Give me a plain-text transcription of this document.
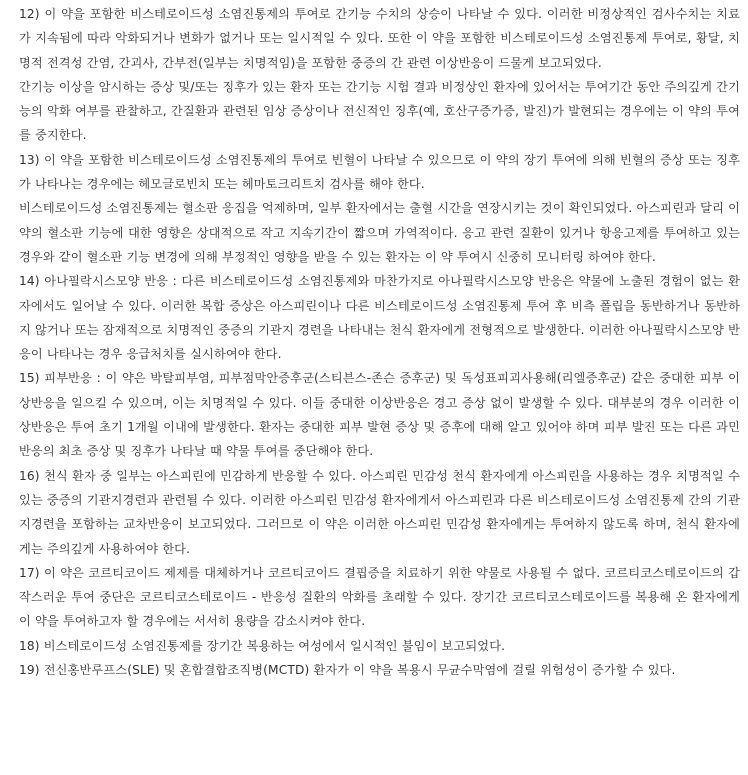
12) 이 약을 포함한 비스테로이드성 소염진통제의 투여로 간기능 수치의 상승이 나타날 수 있다. 이러한 비정상적인 검사수치는 치료가 지속됨에 따라 악화되거나 변화가 없거나 또는 일시적일 수 있다. 또한 이 약을 포함한 비스테로이드성 소염진통제 투여로, 황달, 치명적 전격성 간염, 간괴사, 간부전(일부는 치명적임)을 포함한 중증의 간 관련 이상반응이 드물게 보고되었다.

간기능 이상을 암시하는 증상 및/또는 징후가 있는 환자 또는 간기능 시험 결과 비정상인 환자에 있어서는 투여기간 동안 주의깊게 간기능의 악화 여부를 관찰하고, 간질환과 관련된 임상 증상이나 전신적인 징후(예, 호산구증가증, 발진)가 발현되는 경우에는 이 약의 투여를 중지한다.

13) 이 약을 포함한 비스테로이드성 소염진통제의 투여로 빈혈이 나타날 수 있으므로 이 약의 장기 투여에 의해 빈혈의 증상 또는 징후가 나타나는 경우에는 헤모글로빈치 또는 헤마토크리트치 검사를 해야 한다.

비스테로이드성 소염진통제는 혈소판 응집을 억제하며, 일부 환자에서는 출혈 시간을 연장시키는 것이 확인되었다. 아스피린과 달리 이 약의 혈소판 기능에 대한 영향은 상대적으로 작고 지속기간이 짧으며 가역적이다. 응고 관련 질환이 있거나 항응고제를 투여하고 있는 경우와 같이 혈소판 기능 변경에 의해 부정적인 영향을 받을 수 있는 환자는 이 약 투여시 신중히 모니터링 하여야 한다.

14) 아나필락시스모양 반응 : 다른 비스테로이드성 소염진통제와 마찬가지로 아나필락시스모양 반응은 약물에 노출된 경험이 없는 환자에서도 일어날 수 있다. 이러한 복합 증상은 아스피린이나 다른 비스테로이드성 소염진통제 투여 후 비측 폴립을 동반하거나 동반하지 않거나 또는 잠재적으로 치명적인 중증의 기관지 경련을 나타내는 천식 환자에게 전형적으로 발생한다. 이러한 아나필락시스모양 반응이 나타나는 경우 응급처치를 실시하여야 한다.

15) 피부반응 : 이 약은 박탈피부염, 피부점막안증후군(스티븐스-존슨 증후군) 및 독성표피괴사용해(리엘증후군) 같은 중대한 피부 이상반응을 일으킬 수 있으며, 이는 치명적일 수 있다. 이들 중대한 이상반응은 경고 증상 없이 발생할 수 있다. 대부분의 경우 이러한 이상반응은 투여 초기 1개월 이내에 발생한다. 환자는 중대한 피부 발현 증상 및 증후에 대해 알고 있어야 하며 피부 발진 또는 다른 과민반응의 최초 증상 및 징후가 나타날 때 약물 투여를 중단해야 한다.

16) 천식 환자 중 일부는 아스피린에 민감하게 반응할 수 있다. 아스피린 민감성 천식 환자에게 아스피린을 사용하는 경우 치명적일 수 있는 중증의 기관지경련과 관련될 수 있다. 이러한 아스피린 민감성 환자에게서 아스피린과 다른 비스테로이드성 소염진통제 간의 기관지경련을 포함하는 교차반응이 보고되었다. 그러므로 이 약은 이러한 아스피린 민감성 환자에게는 투여하지 않도록 하며, 천식 환자에게는 주의깊게 사용하여야 한다.

17) 이 약은 코르티코이드 제제를 대체하거나 코르티코이드 결핍증을 치료하기 위한 약물로 사용될 수 없다. 코르티코스테로이드의 갑작스러운 투여 중단은 코르티코스테로이드 - 반응성 질환의 악화를 초래할 수 있다. 장기간 코르티코스테로이드를 복용해 온 환자에게 이 약을 투여하고자 할 경우에는 서서히 용량을 감소시켜야 한다.

18) 비스테로이드성 소염진통제를 장기간 복용하는 여성에서 일시적인 불임이 보고되었다.

19) 전신홍반루프스(SLE) 및 혼합결합조직병(MCTD) 환자가 이 약을 복용시 무균수막염에 걸릴 위험성이 증가할 수 있다.
